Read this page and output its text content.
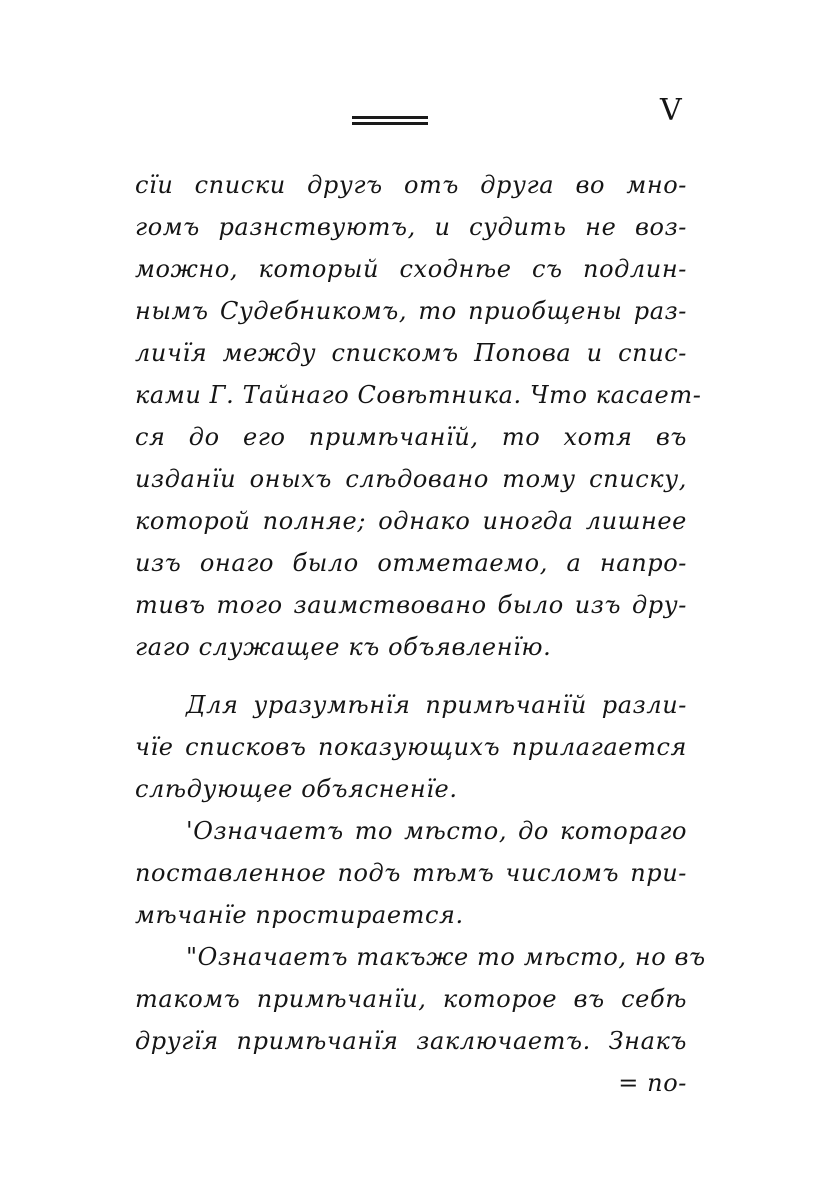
V
сїи списки другъ отъ друга во мно-
гомъ разнствуютъ, и судить не воз-
можно, который сходнѣе съ подлин-
нымъ Судебникомъ, то приобщены раз-
личїя между спискомъ Попова и спис-
ками Г. Тайнаго Совѣтника. Что касает-
ся до его примѣчанїй, то хотя въ
изданїи оныхъ слѣдовано тому списку,
которой полняе; однако иногда лишнее
изъ онаго было отметаемо, а напро-
тивъ того заимствовано было изъ дру-
гаго служащее къ объявленїю.
Для уразумѣнїя примѣчанїй разли-
чїе списковъ показующихъ прилагается
слѣдующее объясненїе.
'Означаетъ то мѣсто, до котораго
поставленное подъ тѣмъ числомъ при-
мѣчанїе простирается.
"Означаетъ такъже то мѣсто, но въ
такомъ примѣчанїи, которое въ себѣ
другїя примѣчанїя заключаетъ. Знакъ
= по-
